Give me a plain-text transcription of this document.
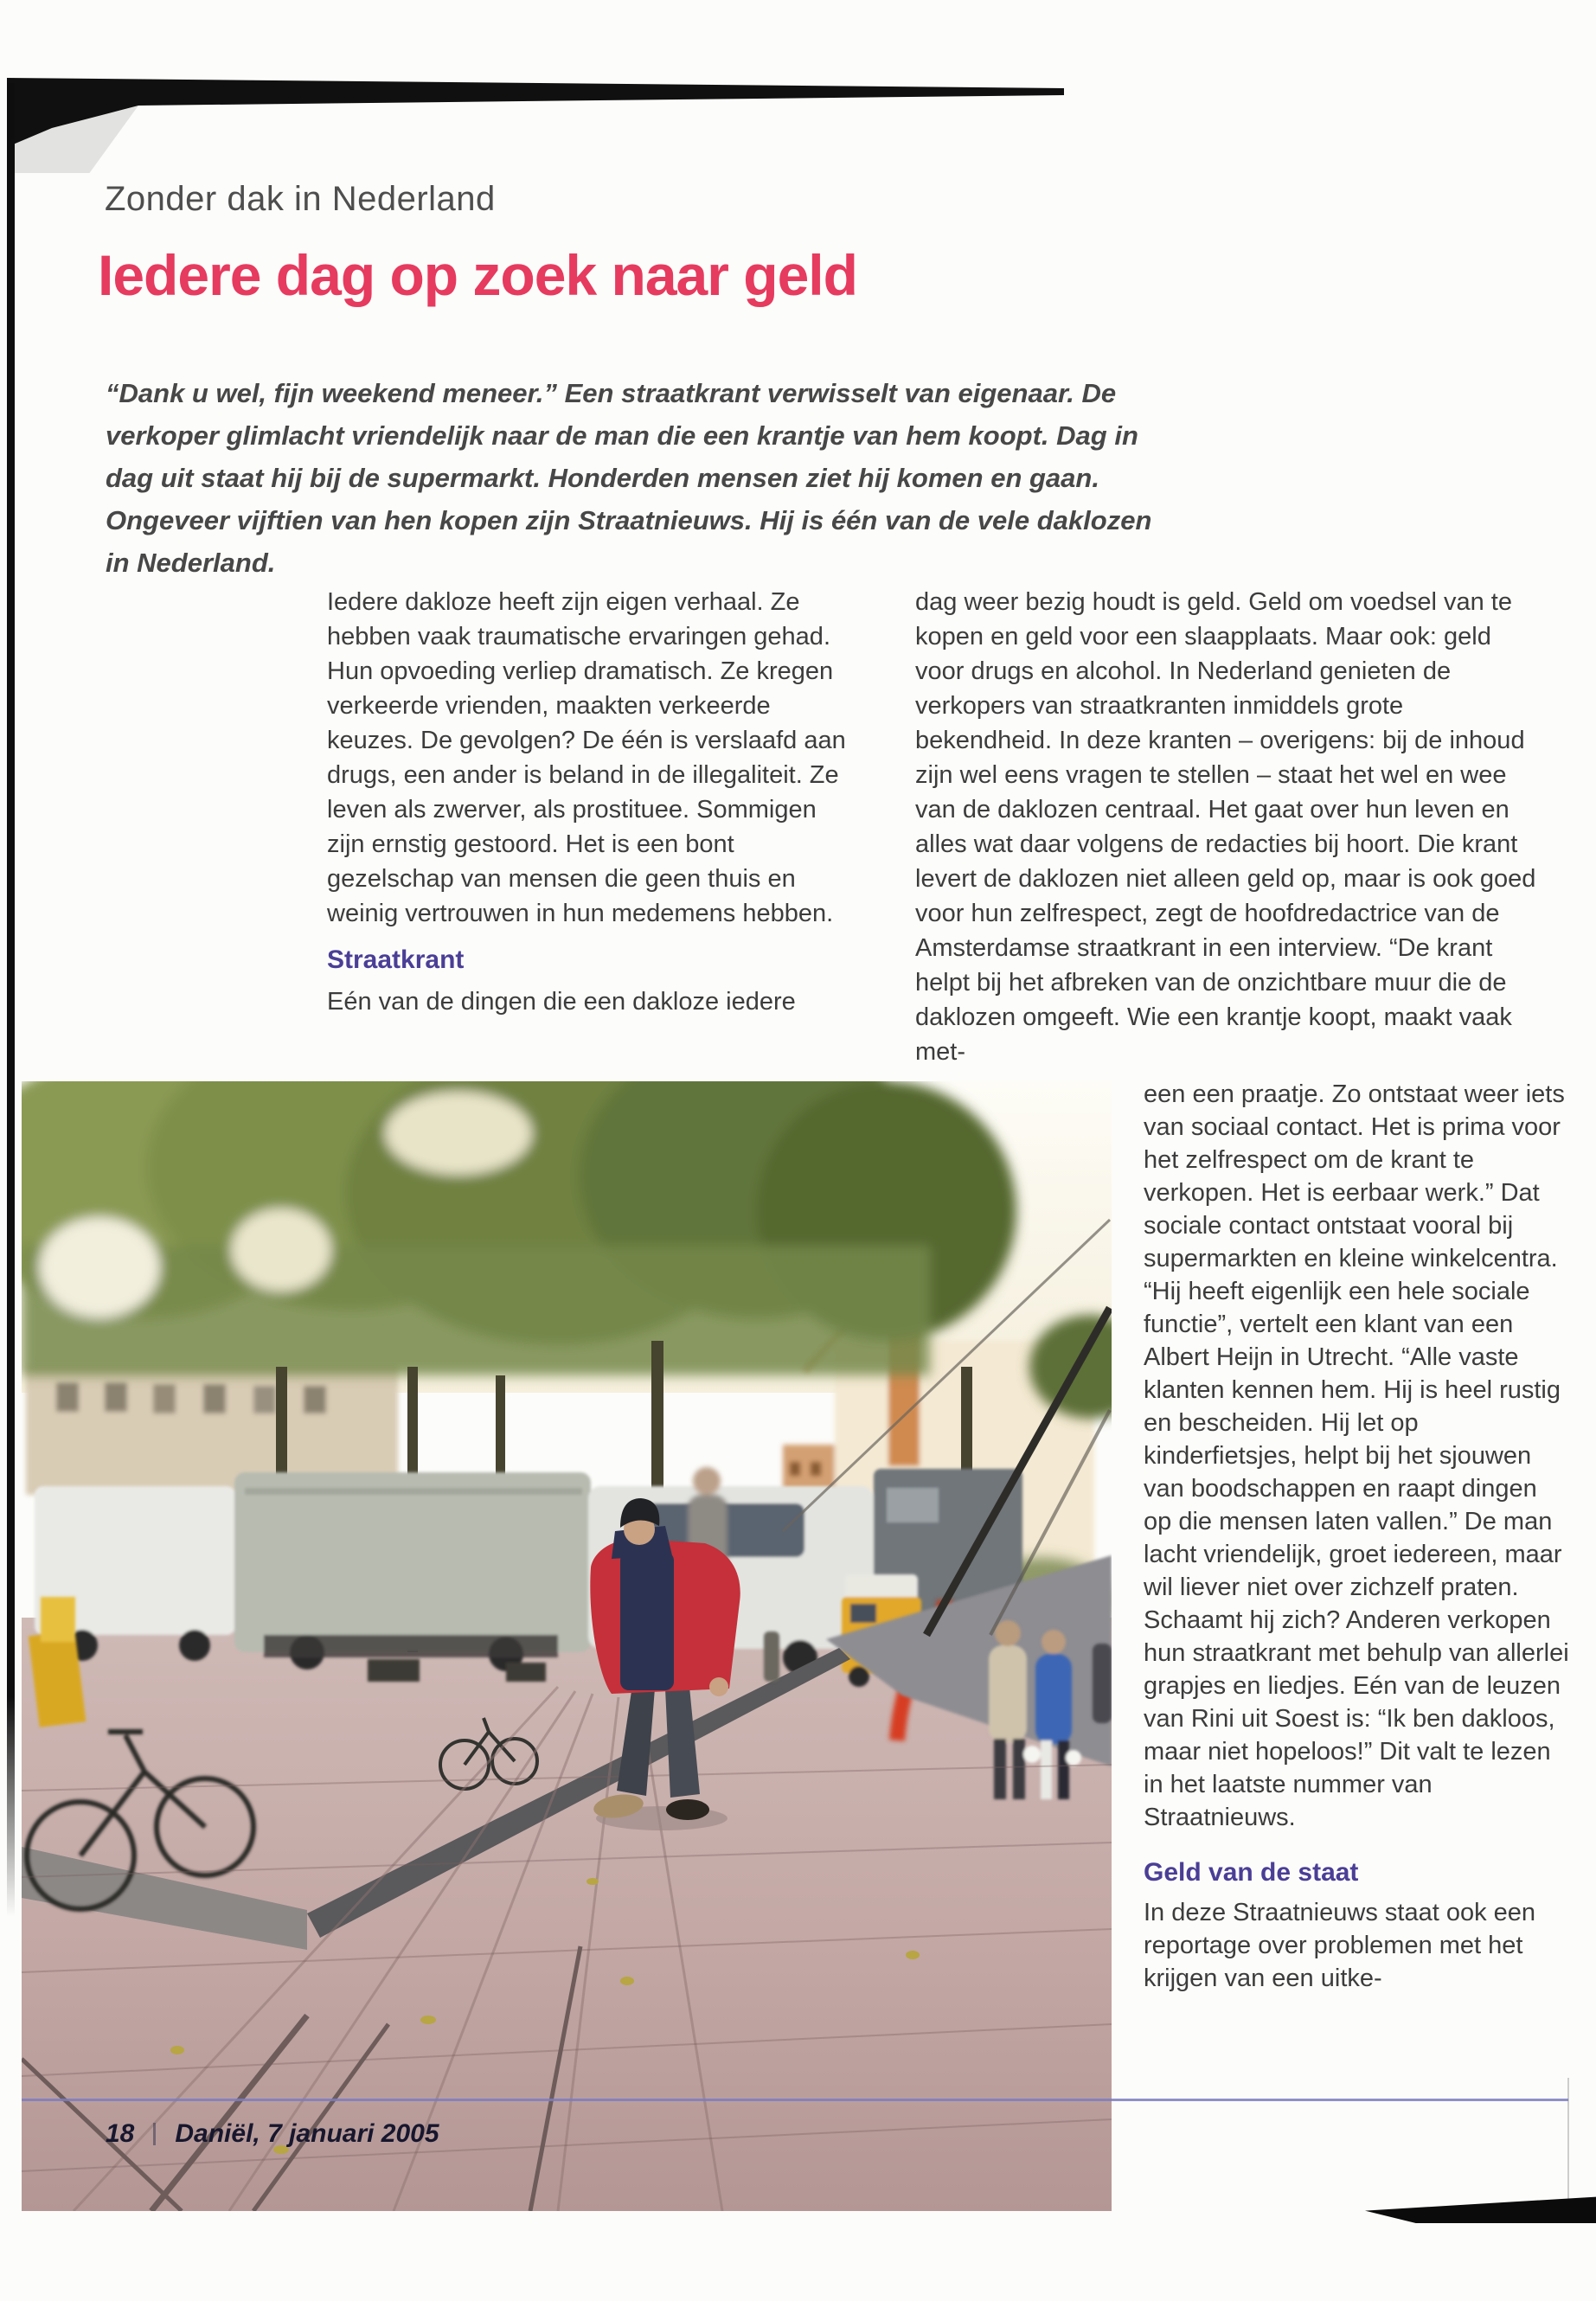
Zonder dak in Nederland
Iedere dag op zoek naar geld

“Dank u wel, fijn weekend meneer.” Een straatkrant verwisselt van eigenaar. De verkoper glimlacht vriendelijk naar de man die een krantje van hem koopt. Dag in dag uit staat hij bij de supermarkt. Honderden mensen ziet hij komen en gaan. Ongeveer vijftien van hen kopen zijn Straatnieuws. Hij is één van de vele daklozen in Nederland.

Iedere dakloze heeft zijn eigen verhaal. Ze hebben vaak traumatische ervaringen gehad. Hun opvoeding verliep dramatisch. Ze kregen verkeerde vrienden, maakten verkeerde keuzes. De gevolgen? De één is verslaafd aan drugs, een ander is beland in de illegaliteit. Ze leven als zwerver, als prostituee. Sommigen zijn ernstig gestoord. Het is een bont gezelschap van mensen die geen thuis en weinig vertrouwen in hun medemens hebben.

Straatkrant

Eén van de dingen die een dakloze iedere

dag weer bezig houdt is geld. Geld om voedsel van te kopen en geld voor een slaapplaats. Maar ook: geld voor drugs en alcohol. In Nederland genieten de verkopers van straatkranten inmiddels grote bekendheid. In deze kranten – overigens: bij de inhoud zijn wel eens vragen te stellen – staat het wel en wee van de daklozen centraal. Het gaat over hun leven en alles wat daar volgens de redacties bij hoort. Die krant levert de daklozen niet alleen geld op, maar is ook goed voor hun zelfrespect, zegt de hoofdredactrice van de Amsterdamse straatkrant in een interview. “De krant helpt bij het afbreken van de onzichtbare muur die de daklozen omgeeft. Wie een krantje koopt, maakt vaak met-

een een praatje. Zo ontstaat weer iets van sociaal contact. Het is prima voor het zelfrespect om de krant te verkopen. Het is eerbaar werk.” Dat sociale contact ontstaat vooral bij supermarkten en kleine winkelcentra. “Hij heeft eigenlijk een hele sociale functie”, vertelt een klant van een Albert Heijn in Utrecht. “Alle vaste klanten kennen hem. Hij is heel rustig en bescheiden. Hij let op kinderfietsjes, helpt bij het sjouwen van boodschappen en raapt dingen op die mensen laten vallen.” De man lacht vriendelijk, groet iedereen, maar wil liever niet over zichzelf praten. Schaamt hij zich? Anderen verkopen hun straatkrant met behulp van allerlei grapjes en liedjes. Eén van de leuzen van Rini uit Soest is: “Ik ben dakloos, maar niet hopeloos!” Dit valt te lezen in het laatste nummer van Straatnieuws.

Geld van de staat

In deze Straatnieuws staat ook een reportage over problemen met het krijgen van een uitke-

18 Daniël, 7 januari 2005
